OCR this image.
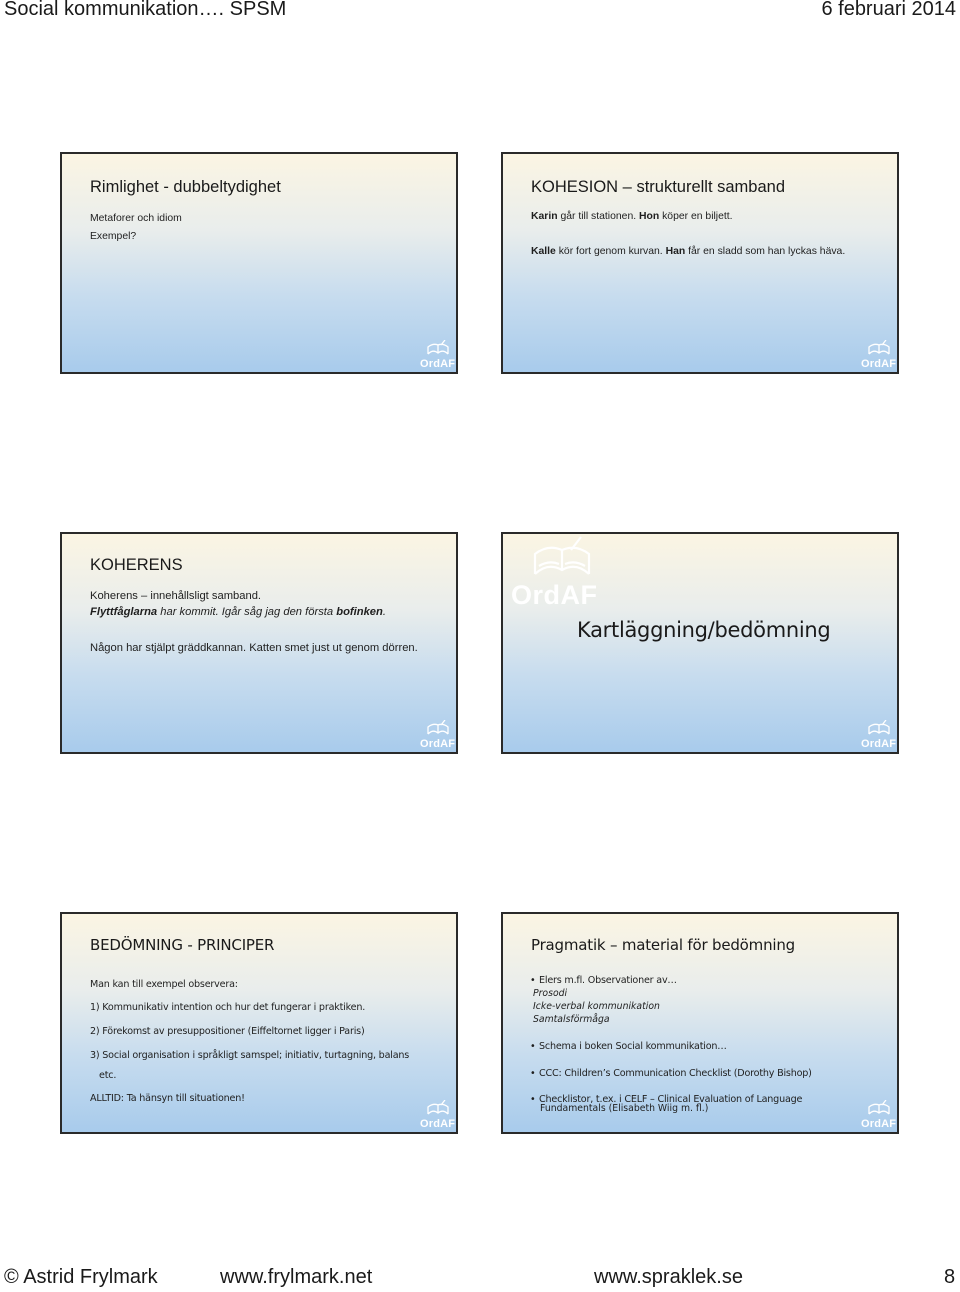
Social kommunikation…. SPSM	6 februari 2014
Rimlighet - dubbeltydighet
Metaforer och idiom
Exempel?
OrdAF
KOHESION – strukturellt samband
Karin går till stationen. Hon köper en biljett.
Kalle kör fort genom kurvan. Han får en sladd som han lyckas häva.
OrdAF
KOHERENS
Koherens – innehållsligt samband.
Flyttfåglarna har kommit. Igår såg jag den första bofinken.
Någon har stjälpt gräddkannan. Katten smet just ut genom dörren.
OrdAF
OrdAF
Kartläggning/bedömning
OrdAF
BEDÖMNING - PRINCIPER
Man kan till exempel observera:
1) Kommunikativ intention och hur det fungerar i praktiken.
2) Förekomst av presuppositioner (Eiffeltornet ligger i Paris)
3) Social organisation i språkligt samspel; initiativ, turtagning, balans
etc.
ALLTID: Ta hänsyn till situationen!
OrdAF
Pragmatik – material för bedömning
• Elers m.fl. Observationer av…
Prosodi
Icke-verbal kommunikation
Samtalsförmåga
• Schema i boken Social kommunikation…
• CCC: Children’s Communication Checklist (Dorothy Bishop)
• Checklistor, t.ex. i CELF – Clinical Evaluation of Language
Fundamentals (Elisabeth Wiig m. fl.)
OrdAF
© Astrid Frylmark	www.frylmark.net	www.spraklek.se	8
